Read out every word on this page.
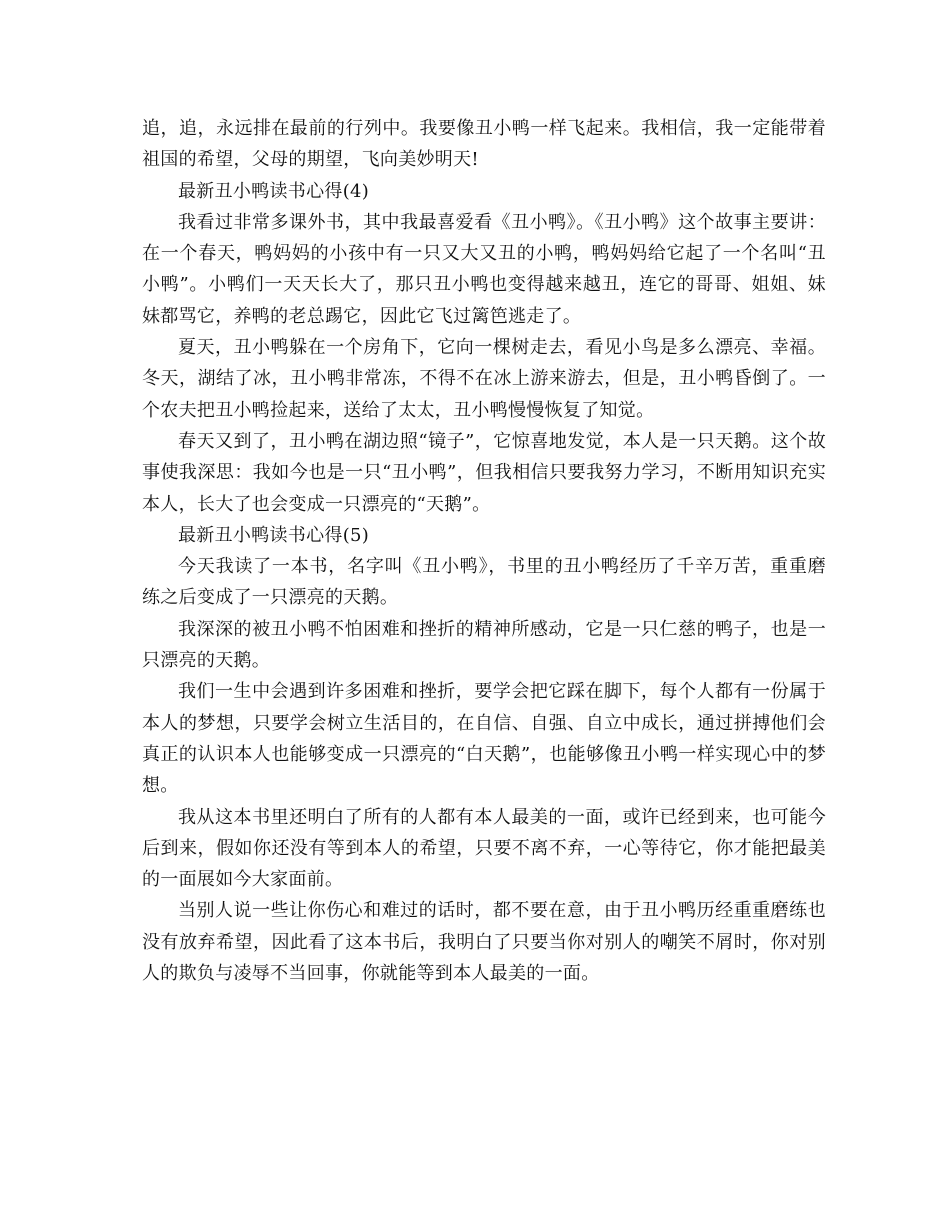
追，追，永远排在最前的行列中。我要像丑小鸭一样飞起来。我相信，我一定能带着祖国的希望，父母的期望，飞向美妙明天!

最新丑小鸭读书心得(4)

我看过非常多课外书，其中我最喜爱看《丑小鸭》。《丑小鸭》这个故事主要讲：在一个春天，鸭妈妈的小孩中有一只又大又丑的小鸭，鸭妈妈给它起了一个名叫“丑小鸭”。小鸭们一天天长大了，那只丑小鸭也变得越来越丑，连它的哥哥、姐姐、妹妹都骂它，养鸭的老总踢它，因此它飞过篱笆逃走了。

夏天，丑小鸭躲在一个房角下，它向一棵树走去，看见小鸟是多么漂亮、幸福。冬天，湖结了冰，丑小鸭非常冻，不得不在冰上游来游去，但是，丑小鸭昏倒了。一个农夫把丑小鸭捡起来，送给了太太，丑小鸭慢慢恢复了知觉。

春天又到了，丑小鸭在湖边照“镜子”，它惊喜地发觉，本人是一只天鹅。这个故事使我深思：我如今也是一只“丑小鸭”，但我相信只要我努力学习，不断用知识充实本人，长大了也会变成一只漂亮的“天鹅”。

最新丑小鸭读书心得(5)

今天我读了一本书，名字叫《丑小鸭》，书里的丑小鸭经历了千辛万苦，重重磨练之后变成了一只漂亮的天鹅。

我深深的被丑小鸭不怕困难和挫折的精神所感动，它是一只仁慈的鸭子，也是一只漂亮的天鹅。

我们一生中会遇到许多困难和挫折，要学会把它踩在脚下，每个人都有一份属于本人的梦想，只要学会树立生活目的，在自信、自强、自立中成长，通过拼搏他们会真正的认识本人也能够变成一只漂亮的“白天鹅”，也能够像丑小鸭一样实现心中的梦想。

我从这本书里还明白了所有的人都有本人最美的一面，或许已经到来，也可能今后到来，假如你还没有等到本人的希望，只要不离不弃，一心等待它，你才能把最美的一面展如今大家面前。

当别人说一些让你伤心和难过的话时，都不要在意，由于丑小鸭历经重重磨练也没有放弃希望，因此看了这本书后，我明白了只要当你对别人的嘲笑不屑时，你对别人的欺负与凌辱不当回事，你就能等到本人最美的一面。
